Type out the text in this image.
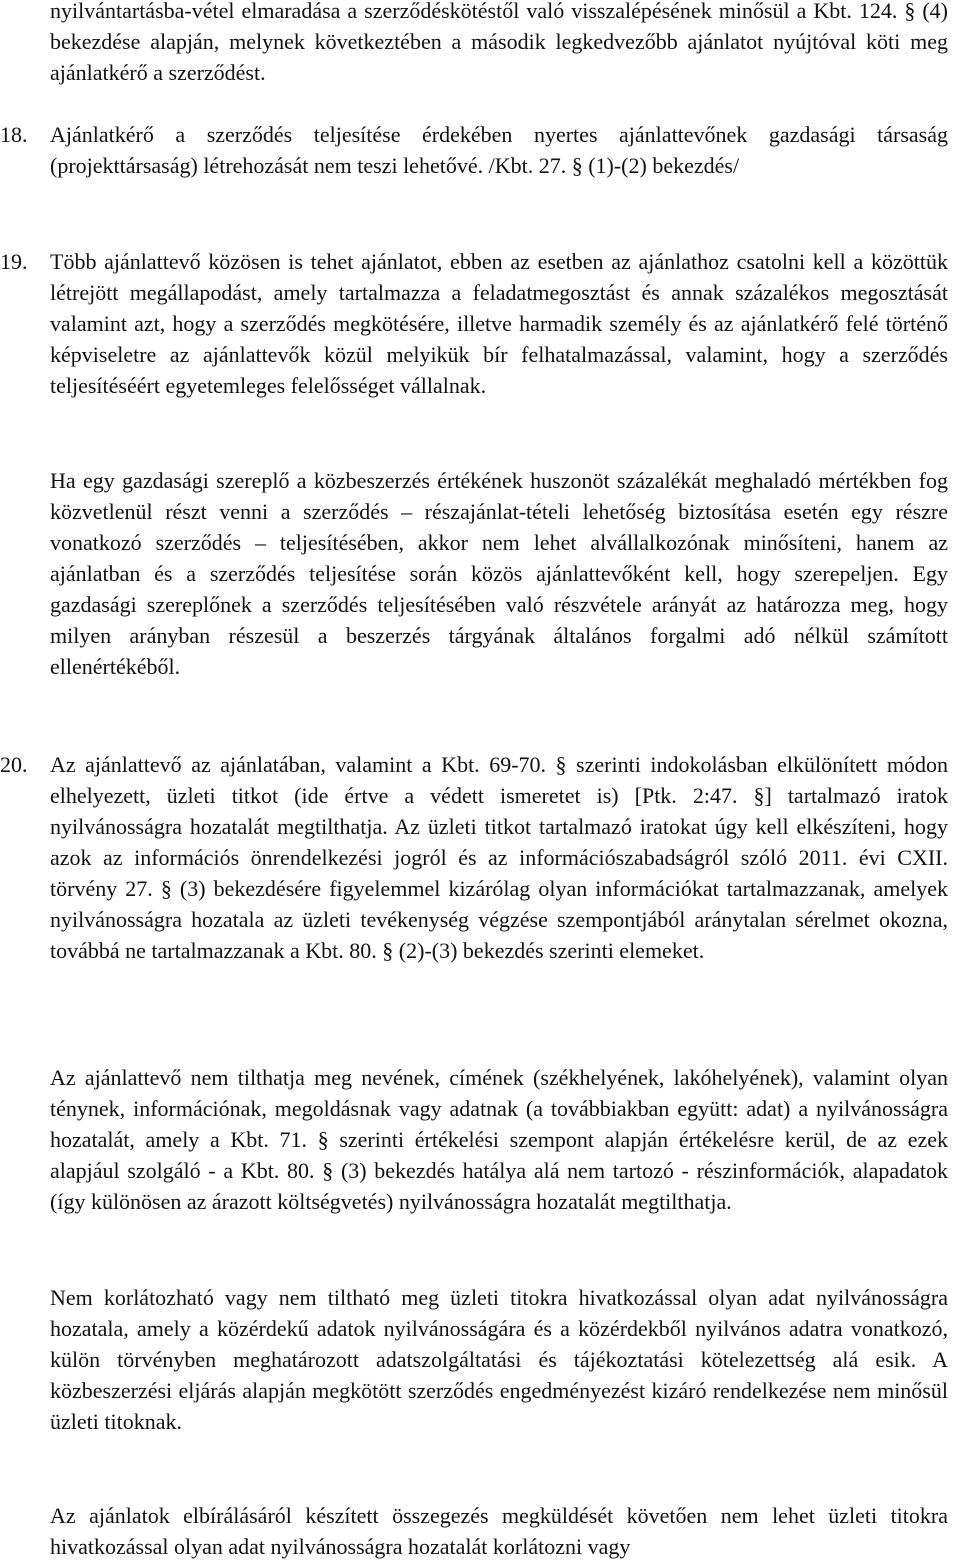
nyilvántartásba-vétel elmaradása a szerződéskötéstől való visszalépésének minősül a Kbt. 124. § (4) bekezdése alapján, melynek következtében a második legkedvezőbb ajánlatot nyújtóval köti meg ajánlatkérő a szerződést.

18.	Ajánlatkérő a szerződés teljesítése érdekében nyertes ajánlattevőnek gazdasági társaság (projekttársaság) létrehozását nem teszi lehetővé. /Kbt. 27. § (1)-(2) bekezdés/

19.	Több ajánlattevő közösen is tehet ajánlatot, ebben az esetben az ajánlathoz csatolni kell a közöttük létrejött megállapodást, amely tartalmazza a feladatmegosztást és annak százalékos megosztását valamint azt, hogy a szerződés megkötésére, illetve harmadik személy és az ajánlatkérő felé történő képviseletre az ajánlattevők közül melyikük bír felhatalmazással, valamint, hogy a szerződés teljesítéséért egyetemleges felelősséget vállalnak.

Ha egy gazdasági szereplő a közbeszerzés értékének huszonöt százalékát meghaladó mértékben fog közvetlenül részt venni a szerződés – részajánlat-tételi lehetőség biztosítása esetén egy részre vonatkozó szerződés – teljesítésében, akkor nem lehet alvállalkozónak minősíteni, hanem az ajánlatban és a szerződés teljesítése során közös ajánlattevőként kell, hogy szerepeljen. Egy gazdasági szereplőnek a szerződés teljesítésében való részvétele arányát az határozza meg, hogy milyen arányban részesül a beszerzés tárgyának általános forgalmi adó nélkül számított ellenértékéből.

20.	Az ajánlattevő az ajánlatában, valamint a Kbt. 69-70. § szerinti indokolásban elkülönített módon elhelyezett, üzleti titkot (ide értve a védett ismeretet is) [Ptk. 2:47. §] tartalmazó iratok nyilvánosságra hozatalát megtilthatja. Az üzleti titkot tartalmazó iratokat úgy kell elkészíteni, hogy azok az információs önrendelkezési jogról és az információszabadságról szóló 2011. évi CXII. törvény 27. § (3) bekezdésére figyelemmel kizárólag olyan információkat tartalmazzanak, amelyek nyilvánosságra hozatala az üzleti tevékenység végzése szempontjából aránytalan sérelmet okozna, továbbá ne tartalmazzanak a Kbt. 80. § (2)-(3) bekezdés szerinti elemeket.

Az ajánlattevő nem tilthatja meg nevének, címének (székhelyének, lakóhelyének), valamint olyan ténynek, információnak, megoldásnak vagy adatnak (a továbbiakban együtt: adat) a nyilvánosságra hozatalát, amely a Kbt. 71. § szerinti értékelési szempont alapján értékelésre kerül, de az ezek alapjául szolgáló - a Kbt. 80. § (3) bekezdés hatálya alá nem tartozó - részinformációk, alapadatok (így különösen az árazott költségvetés) nyilvánosságra hozatalát megtilthatja.

Nem korlátozható vagy nem tiltható meg üzleti titokra hivatkozással olyan adat nyilvánosságra hozatala, amely a közérdekű adatok nyilvánosságára és a közérdekből nyilvános adatra vonatkozó, külön törvényben meghatározott adatszolgáltatási és tájékoztatási kötelezettség alá esik. A közbeszerzési eljárás alapján megkötött szerződés engedményezést kizáró rendelkezése nem minősül üzleti titoknak.

Az ajánlatok elbírálásáról készített összegezés megküldését követően nem lehet üzleti titokra hivatkozással olyan adat nyilvánosságra hozatalát korlátozni vagy
